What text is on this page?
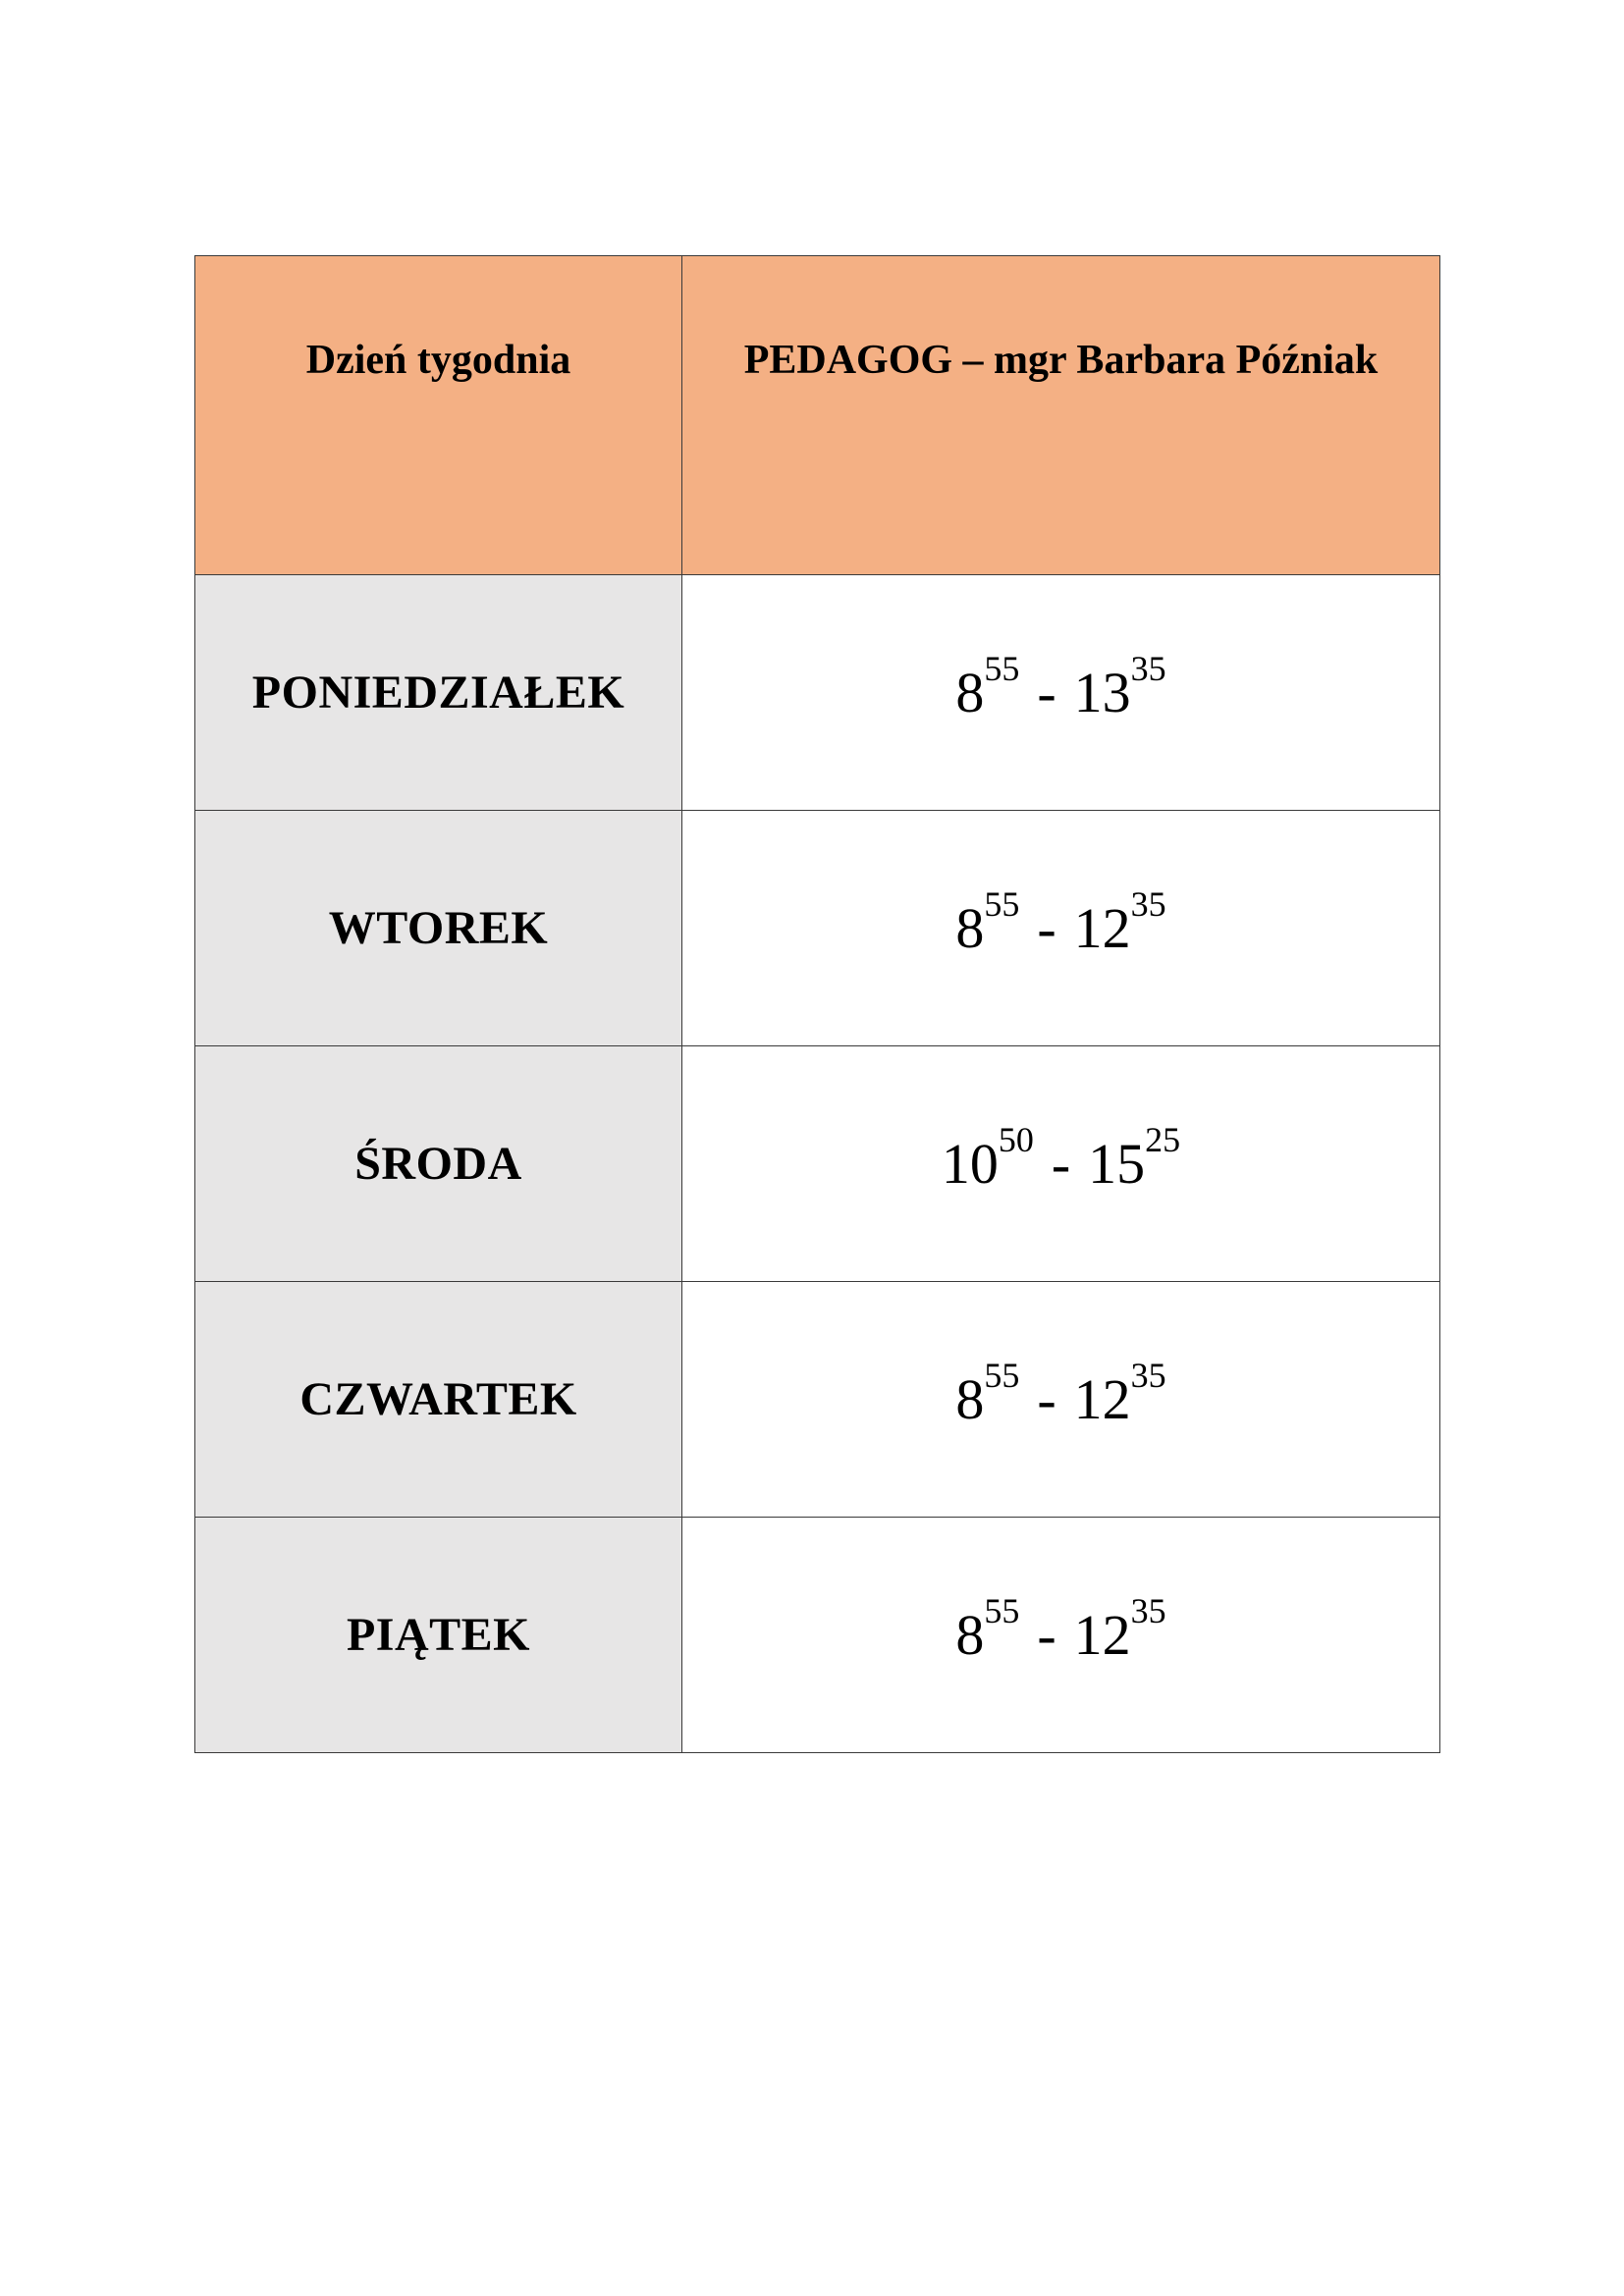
Dzień tygodnia	PEDAGOG – mgr Barbara Późniak
PONIEDZIAŁEK	$8^{55} - 13^{35}$
WTOREK	$8^{55} - 12^{35}$
ŚRODA	$10^{50} - 15^{25}$
CZWARTEK	$8^{55} - 12^{35}$
PIĄTEK	$8^{55} - 12^{35}$
